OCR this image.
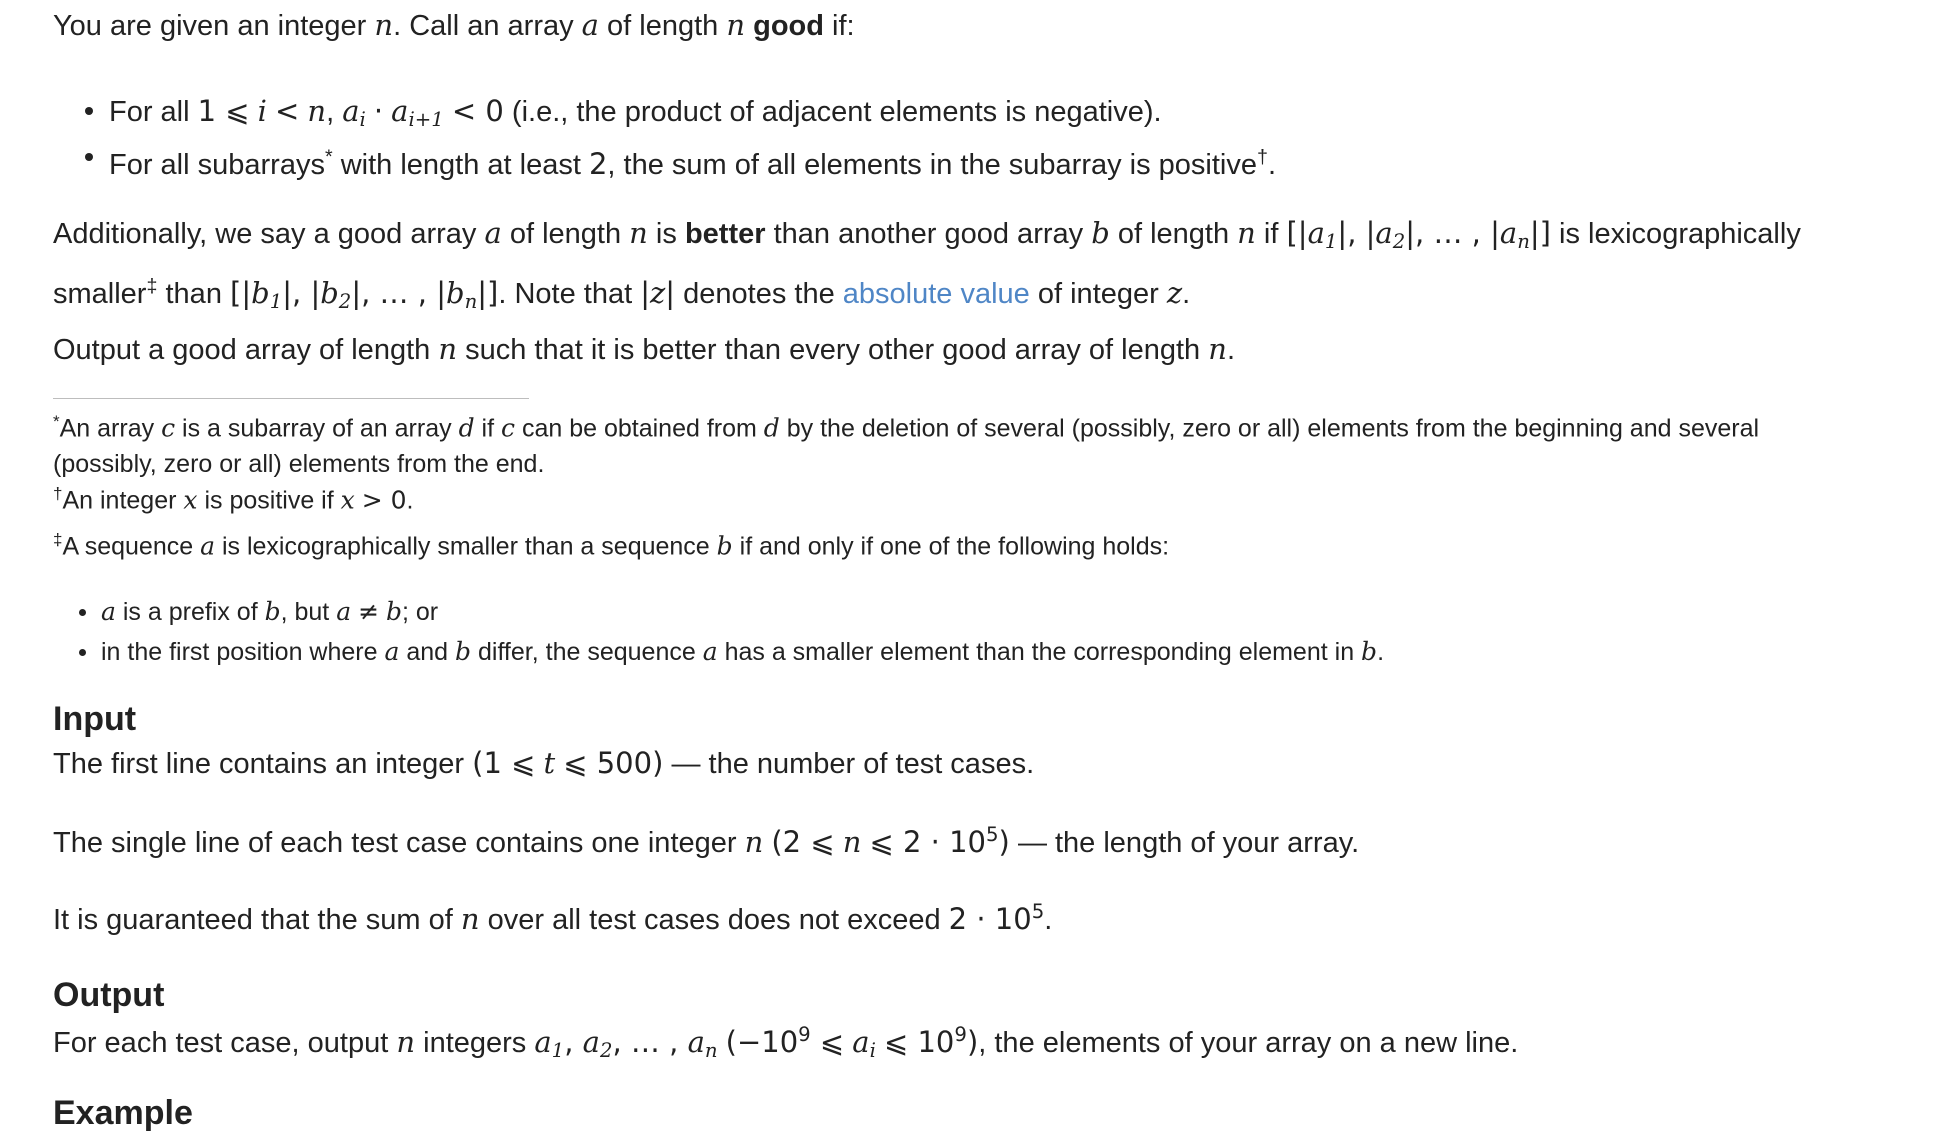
You are given an integer n. Call an array a of length n good if:

For all 1 ⩽ i < n, $a_i \cdot a_{i+1} < 0$ (i.e., the product of adjacent elements is negative).
For all subarrays* with length at least 2, the sum of all elements in the subarray is positive†.

Additionally, we say a good array a of length n is better than another good array b of length n if [$|a_1|$, $|a_2|$, … , $|a_n|$] is lexicographically
smaller‡ than [$|b_1|$, $|b_2|$, … , $|b_n|$]. Note that |z| denotes the absolute value of integer z.

Output a good array of length n such that it is better than every other good array of length n.

*An array c is a subarray of an array d if c can be obtained from d by the deletion of several (possibly, zero or all) elements from the beginning and several
(possibly, zero or all) elements from the end.

†An integer x is positive if x > 0.

‡A sequence a is lexicographically smaller than a sequence b if and only if one of the following holds:

a is a prefix of b, but a ≠ b; or
in the first position where a and b differ, the sequence a has a smaller element than the corresponding element in b.
Input

The first line contains an integer (1 ⩽ t ⩽ 500) — the number of test cases.

The single line of each test case contains one integer n (2 ⩽ n ⩽ $2 \cdot 10^5$) — the length of your array.

It is guaranteed that the sum of n over all test cases does not exceed $2 \cdot 10^5$.

Output

For each test case, output n integers $a_1$, $a_2$, … , $a_n$ ($-10^9$ ⩽ $a_i$ ⩽ $10^9$), the elements of your array on a new line.

Example
